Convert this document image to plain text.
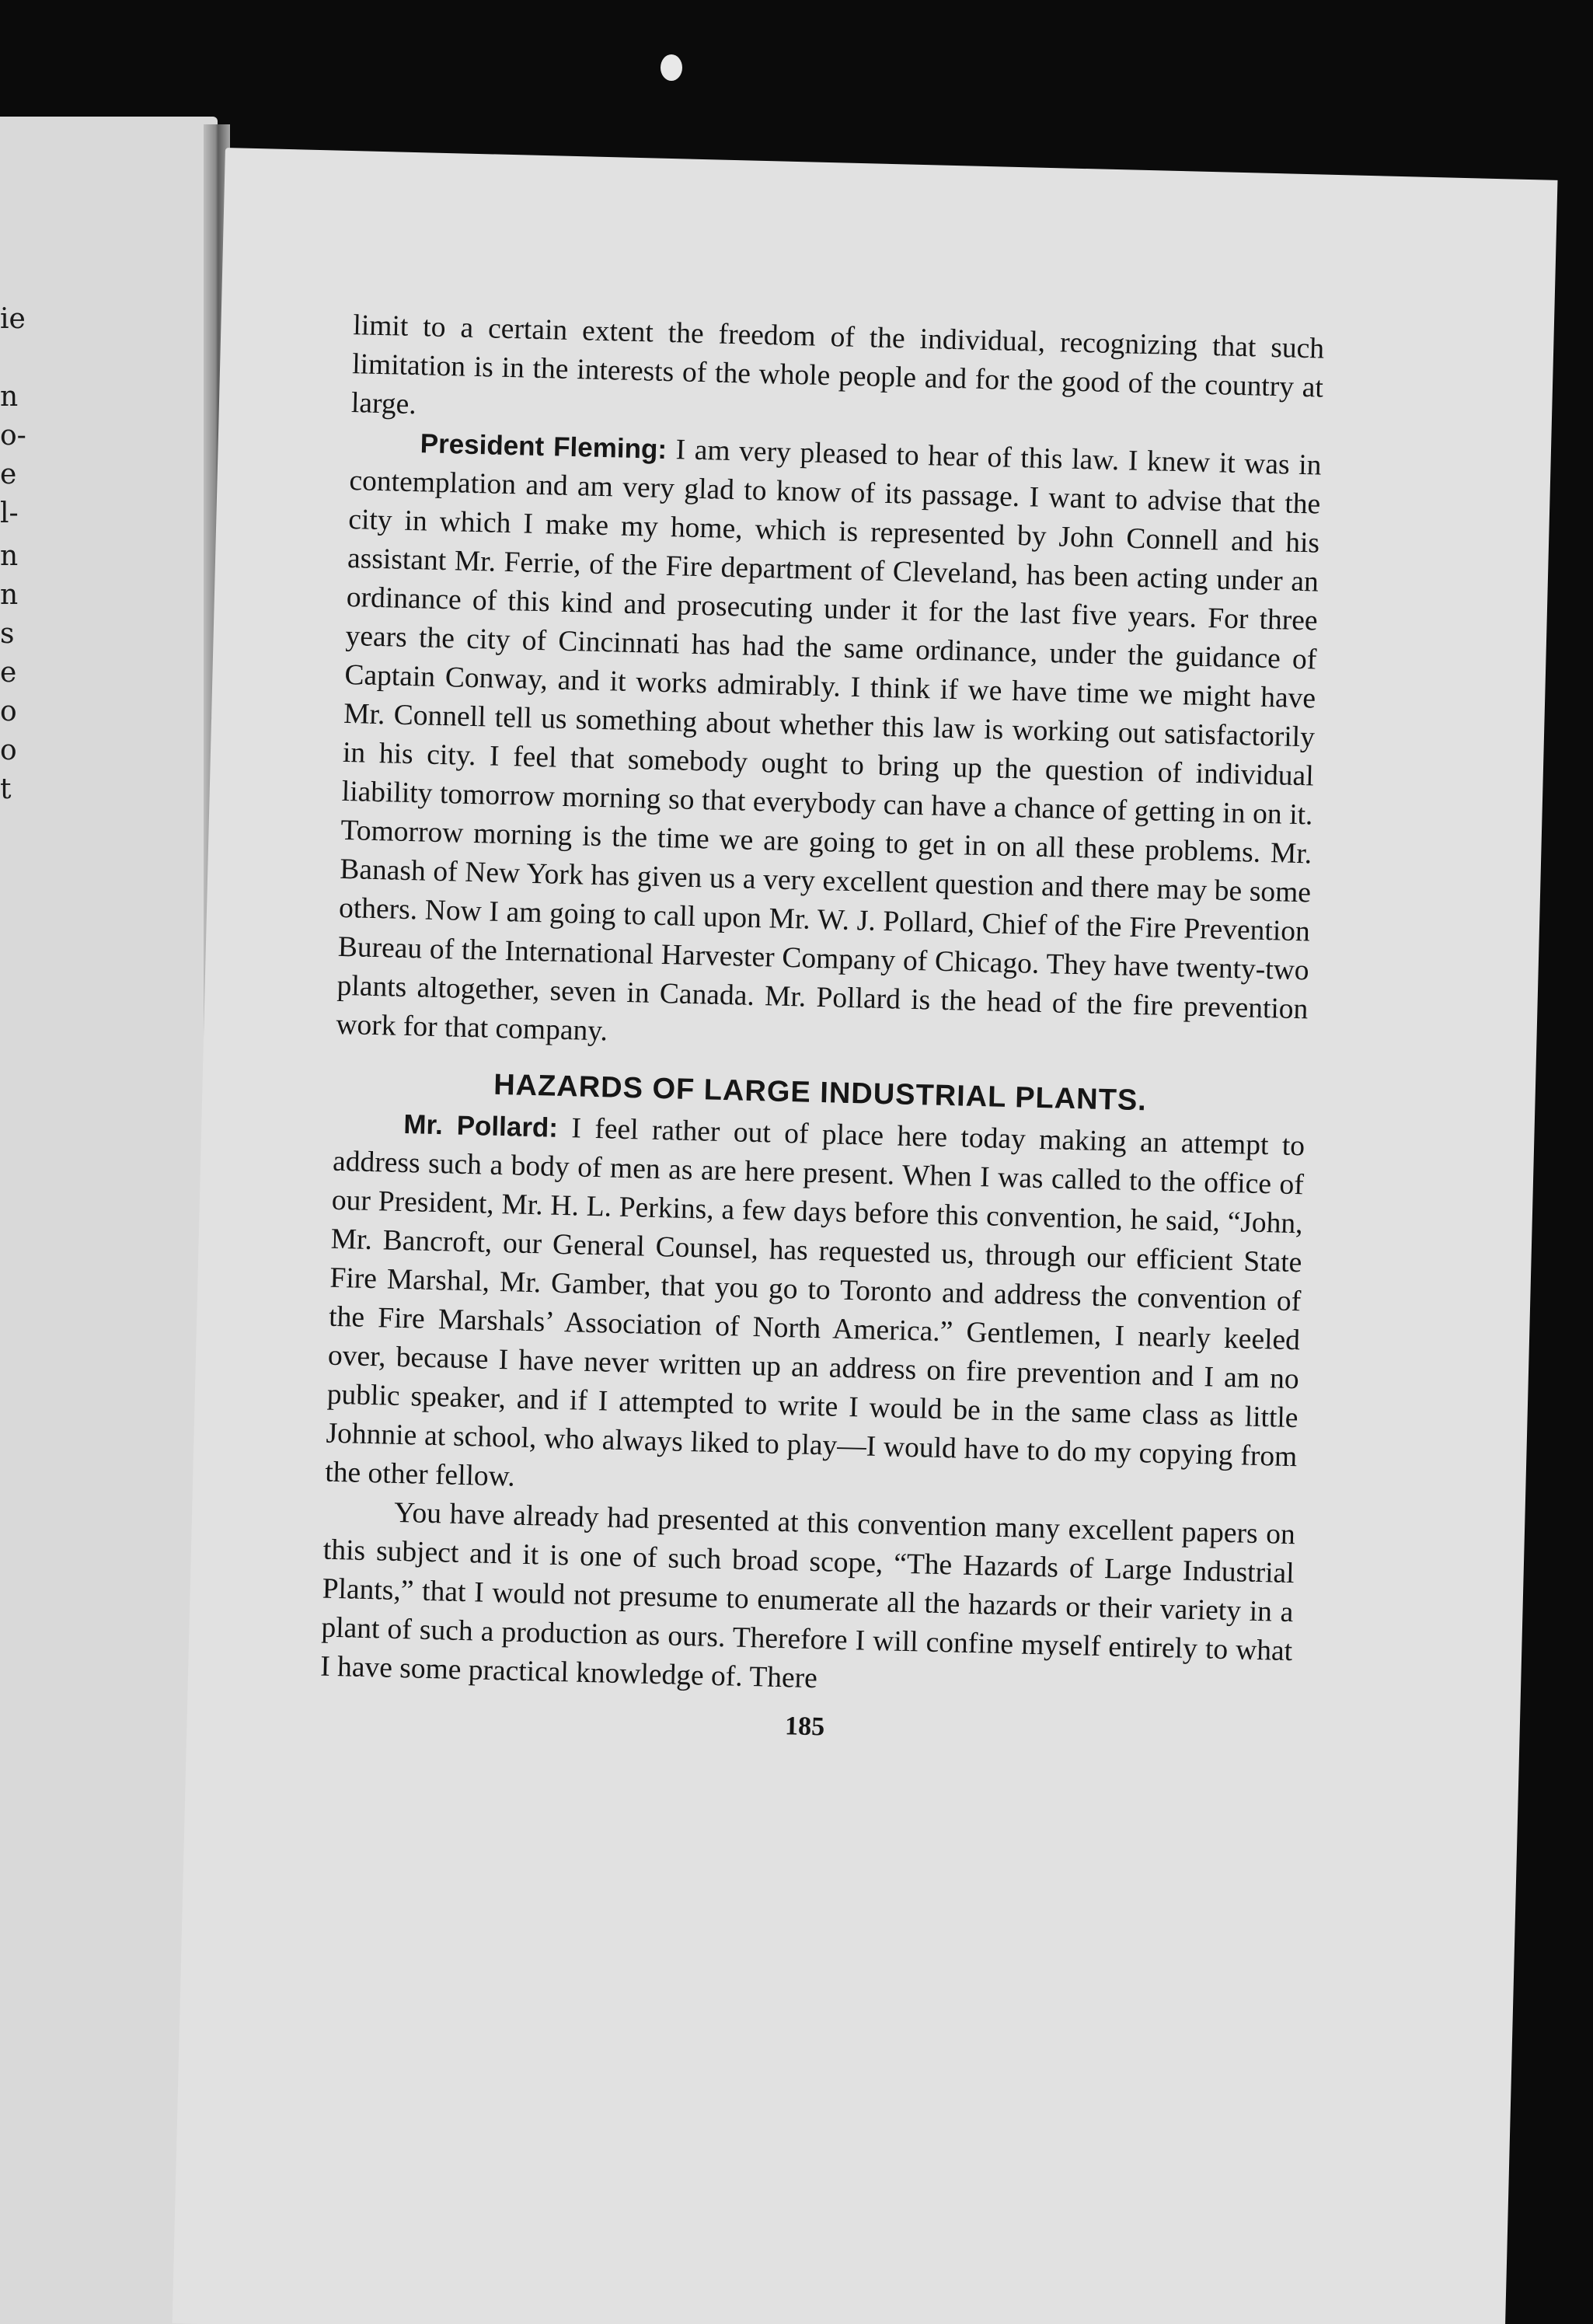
ie
n
o-
e
l-
n
n
s
e
o
o
t

limit to a certain extent the freedom of the individual, recognizing that such limitation is in the interests of the whole people and for the good of the country at large.

President Fleming: I am very pleased to hear of this law. I knew it was in contemplation and am very glad to know of its passage. I want to advise that the city in which I make my home, which is represented by John Connell and his assistant Mr. Ferrie, of the Fire department of Cleveland, has been acting under an ordinance of this kind and prosecuting under it for the last five years. For three years the city of Cincinnati has had the same ordinance, under the guidance of Captain Conway, and it works admirably. I think if we have time we might have Mr. Connell tell us something about whether this law is working out satisfactorily in his city. I feel that somebody ought to bring up the question of individual liability tomorrow morning so that everybody can have a chance of getting in on it. Tomorrow morning is the time we are going to get in on all these problems. Mr. Banash of New York has given us a very excellent question and there may be some others. Now I am going to call upon Mr. W. J. Pollard, Chief of the Fire Prevention Bureau of the International Harvester Company of Chicago. They have twenty-two plants altogether, seven in Canada. Mr. Pollard is the head of the fire prevention work for that company.

HAZARDS OF LARGE INDUSTRIAL PLANTS.

Mr. Pollard: I feel rather out of place here today making an attempt to address such a body of men as are here present. When I was called to the office of our President, Mr. H. L. Perkins, a few days before this convention, he said, “John, Mr. Bancroft, our General Counsel, has requested us, through our efficient State Fire Marshal, Mr. Gamber, that you go to Toronto and address the convention of the Fire Marshals’ Association of North America.” Gentlemen, I nearly keeled over, because I have never written up an address on fire prevention and I am no public speaker, and if I attempted to write I would be in the same class as little Johnnie at school, who always liked to play—I would have to do my copying from the other fellow.

You have already had presented at this convention many excellent papers on this subject and it is one of such broad scope, “The Hazards of Large Industrial Plants,” that I would not presume to enumerate all the hazards or their variety in a plant of such a production as ours. Therefore I will confine myself entirely to what I have some practical knowledge of. There

185
